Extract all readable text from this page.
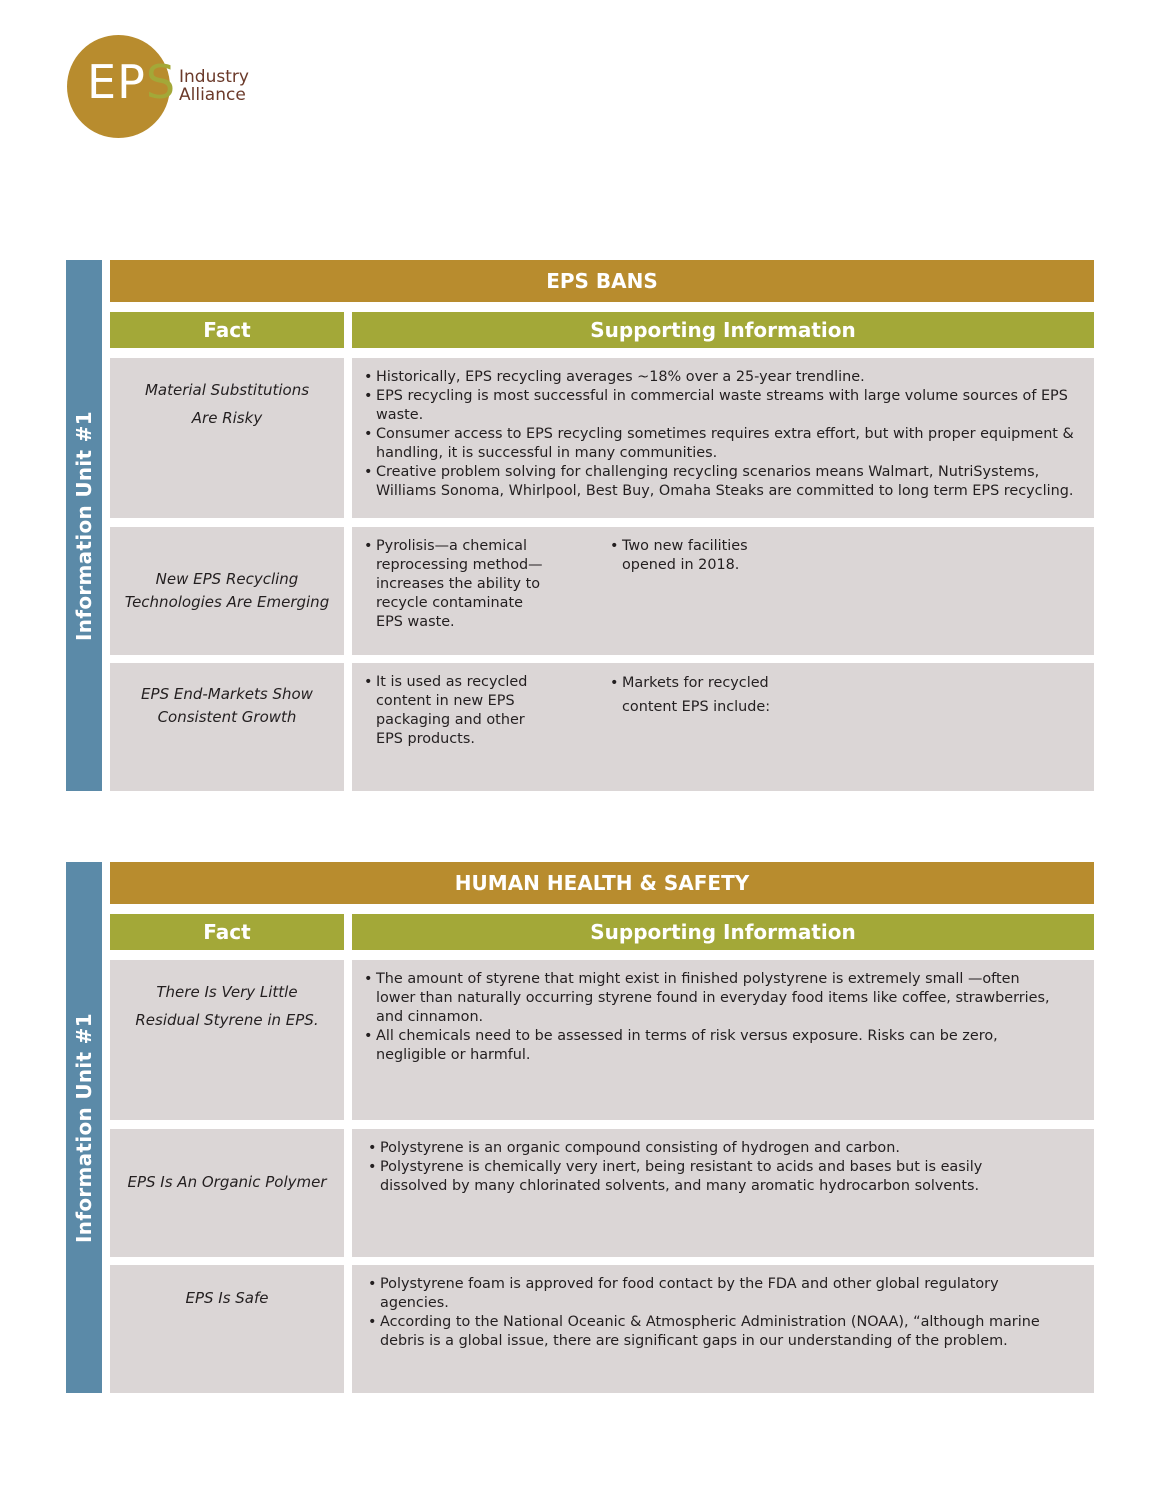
EPS Industry
Alliance
Information Unit #1
EPS BANS
Fact	Supporting Information
Material Substitutions
Are Risky
• Historically, EPS recycling averages ~18% over a 25-year trendline.
• EPS recycling is most successful in commercial waste streams with large volume sources of EPS waste.
• Consumer access to EPS recycling sometimes requires extra effort, but with proper equipment & handling, it is successful in many communities.
• Creative problem solving for challenging recycling scenarios means Walmart, NutriSystems, Williams Sonoma, Whirlpool, Best Buy, Omaha Steaks are committed to long term EPS recycling.
New EPS Recycling
Technologies Are Emerging
• Pyrolisis—a chemical reprocessing method—increases the ability to recycle contaminate EPS waste.
• Two new facilities opened in 2018.
EPS End-Markets Show
Consistent Growth
• It is used as recycled content in new EPS packaging and other EPS products.
• Markets for recycled content EPS include:
Information Unit #1
HUMAN HEALTH & SAFETY
Fact	Supporting Information
There Is Very Little
Residual Styrene in EPS.
• The amount of styrene that might exist in finished polystyrene is extremely small —often lower than naturally occurring styrene found in everyday food items like coffee, strawberries, and cinnamon.
• All chemicals need to be assessed in terms of risk versus exposure. Risks can be zero, negligible or harmful.
EPS Is An Organic Polymer
• Polystyrene is an organic compound consisting of hydrogen and carbon.
• Polystyrene is chemically very inert, being resistant to acids and bases but is easily dissolved by many chlorinated solvents, and many aromatic hydrocarbon solvents.
EPS Is Safe
• Polystyrene foam is approved for food contact by the FDA and other global regulatory agencies.
• According to the National Oceanic & Atmospheric Administration (NOAA), “although marine debris is a global issue, there are significant gaps in our understanding of the problem.
